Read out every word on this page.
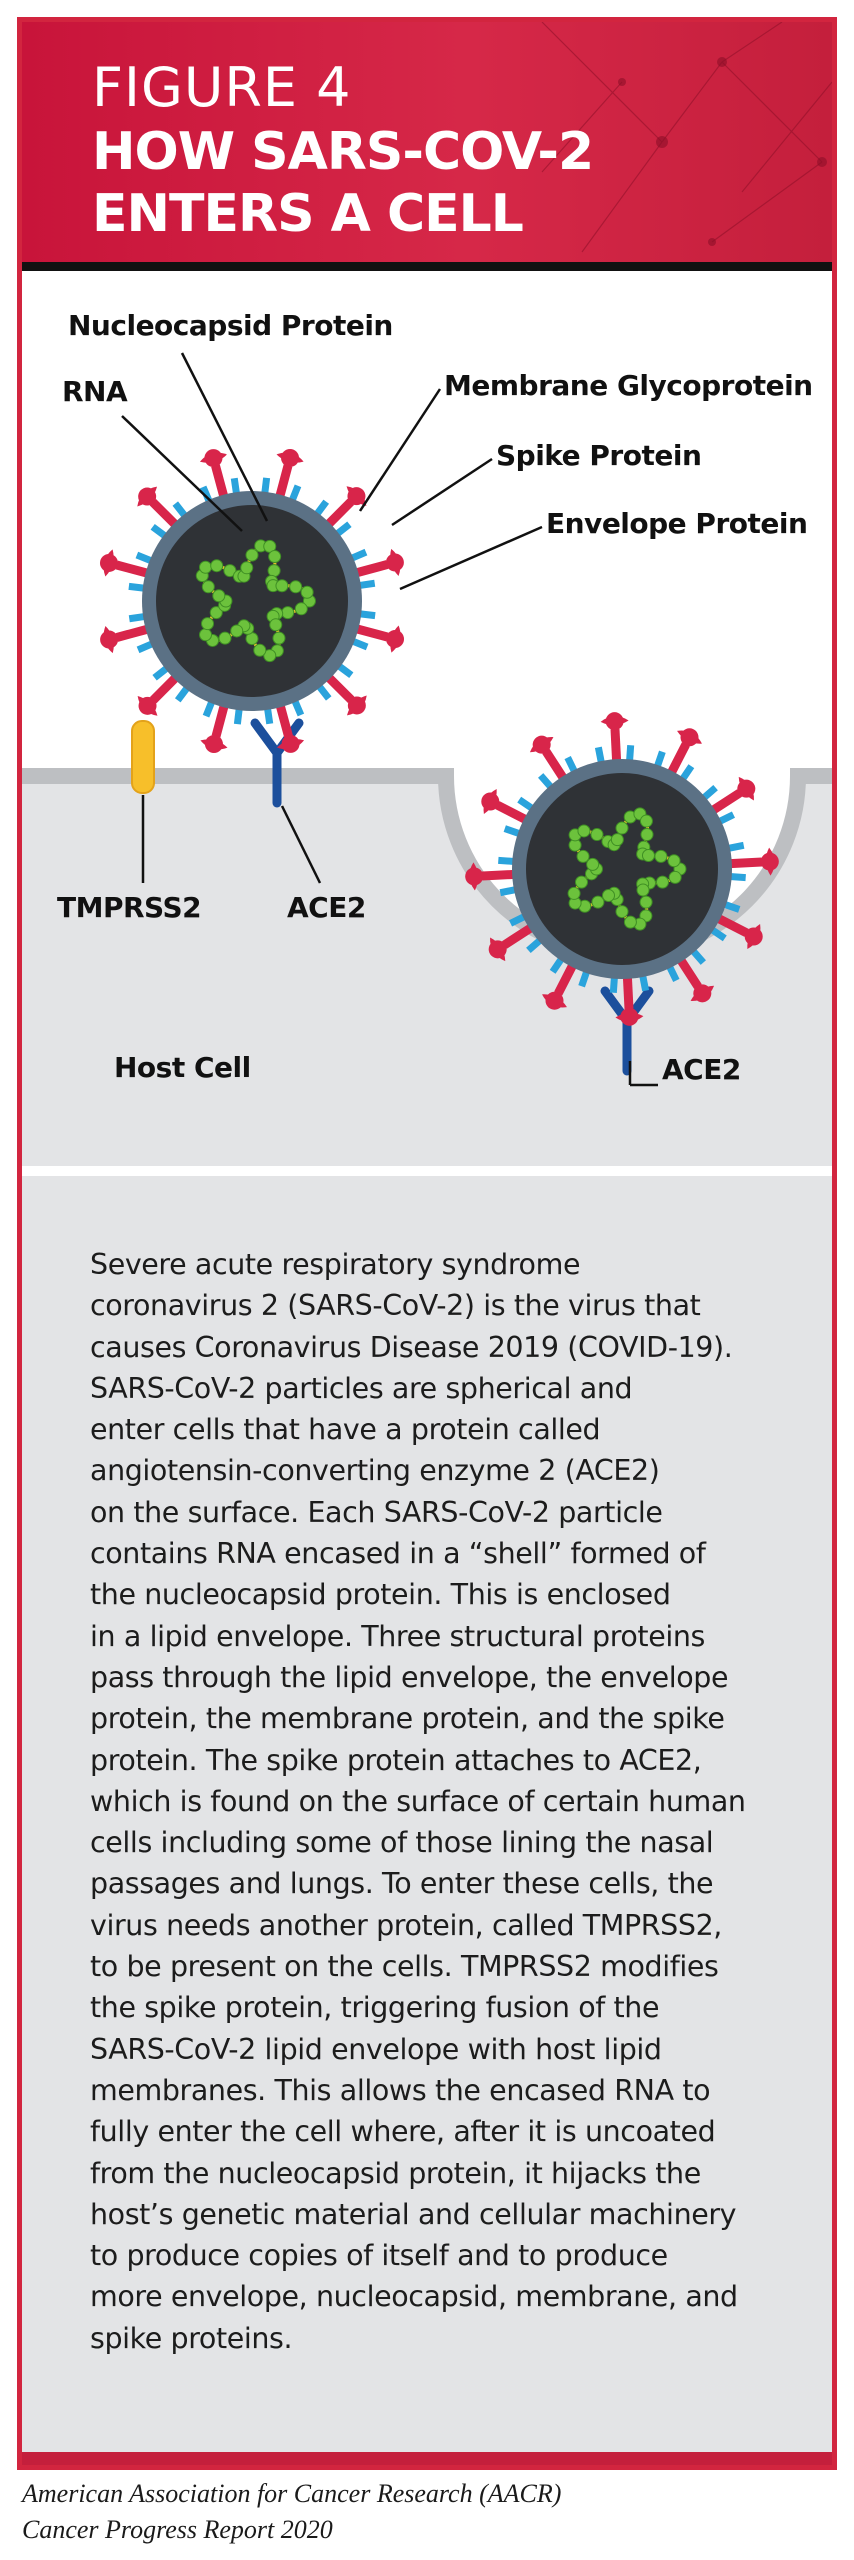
FIGURE 4
HOW SARS-COV-2
ENTERS A CELL
Nucleocapsid Protein
RNA	Membrane Glycoprotein
Spike Protein
Envelope Protein
TMPRSS2	ACE2
Host Cell	ACE2
Severe acute respiratory syndrome
coronavirus 2 (SARS-CoV-2) is the virus that
causes Coronavirus Disease 2019 (COVID-19).
SARS-CoV-2 particles are spherical and
enter cells that have a protein called
angiotensin-converting enzyme 2 (ACE2)
on the surface. Each SARS-CoV-2 particle
contains RNA encased in a “shell” formed of
the nucleocapsid protein. This is enclosed
in a lipid envelope. Three structural proteins
pass through the lipid envelope, the envelope
protein, the membrane protein, and the spike
protein. The spike protein attaches to ACE2,
which is found on the surface of certain human
cells including some of those lining the nasal
passages and lungs. To enter these cells, the
virus needs another protein, called TMPRSS2,
to be present on the cells. TMPRSS2 modifies
the spike protein, triggering fusion of the
SARS-CoV-2 lipid envelope with host lipid
membranes. This allows the encased RNA to
fully enter the cell where, after it is uncoated
from the nucleocapsid protein, it hijacks the
host’s genetic material and cellular machinery
to produce copies of itself and to produce
more envelope, nucleocapsid, membrane, and
spike proteins.
American Association for Cancer Research (AACR)
Cancer Progress Report 2020
